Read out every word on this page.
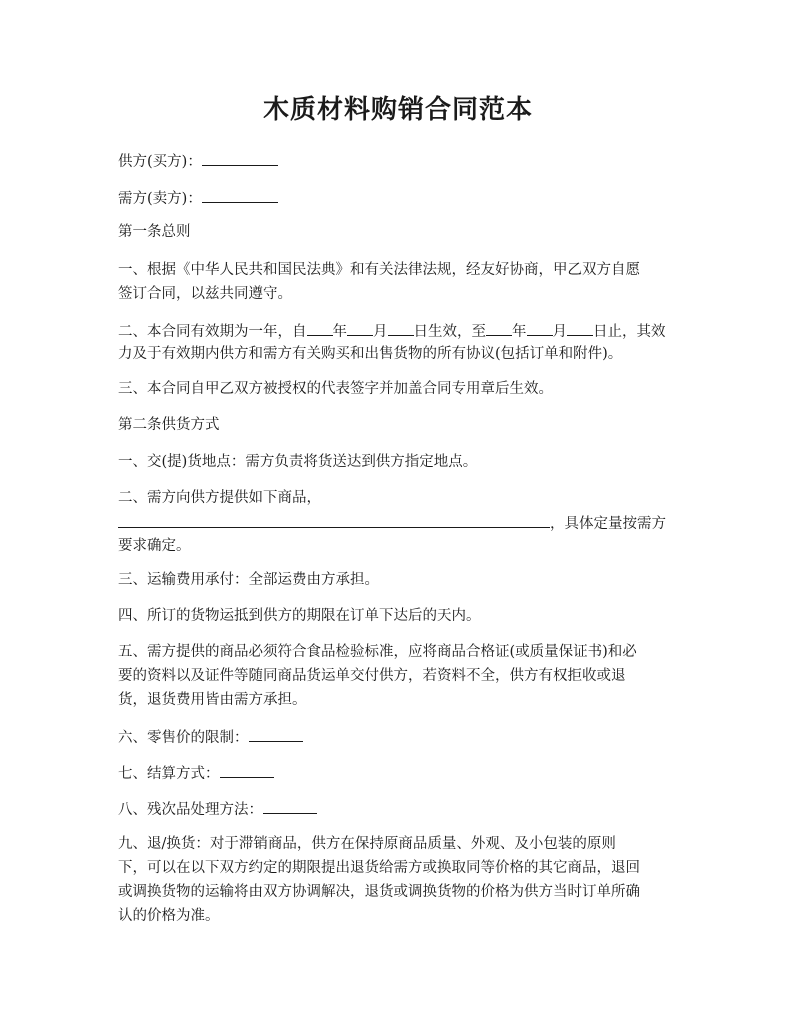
木质材料购销合同范本
供方(买方)：
需方(卖方)：
第一条总则
一、根据《中华人民共和国民法典》和有关法律法规，经友好协商，甲乙双方自愿
签订合同，以兹共同遵守。
二、本合同有效期为一年，自 年 月 日生效，至 年 月 日止，其效
力及于有效期内供方和需方有关购买和出售货物的所有协议(包括订单和附件)。
三、本合同自甲乙双方被授权的代表签字并加盖合同专用章后生效。
第二条供货方式
一、交(提)货地点：需方负责将货送达到供方指定地点。
二、需方向供方提供如下商品，
，具体定量按需方
要求确定。
三、运输费用承付：全部运费由方承担。
四、所订的货物运抵到供方的期限在订单下达后的天内。
五、需方提供的商品必须符合食品检验标准，应将商品合格证(或质量保证书)和必
要的资料以及证件等随同商品货运单交付供方，若资料不全，供方有权拒收或退
货，退货费用皆由需方承担。
六、零售价的限制：
七、结算方式：
八、残次品处理方法：
九、退/换货：对于滞销商品，供方在保持原商品质量、外观、及小包装的原则
下，可以在以下双方约定的期限提出退货给需方或换取同等价格的其它商品，退回
或调换货物的运输将由双方协调解决，退货或调换货物的价格为供方当时订单所确
认的价格为准。
